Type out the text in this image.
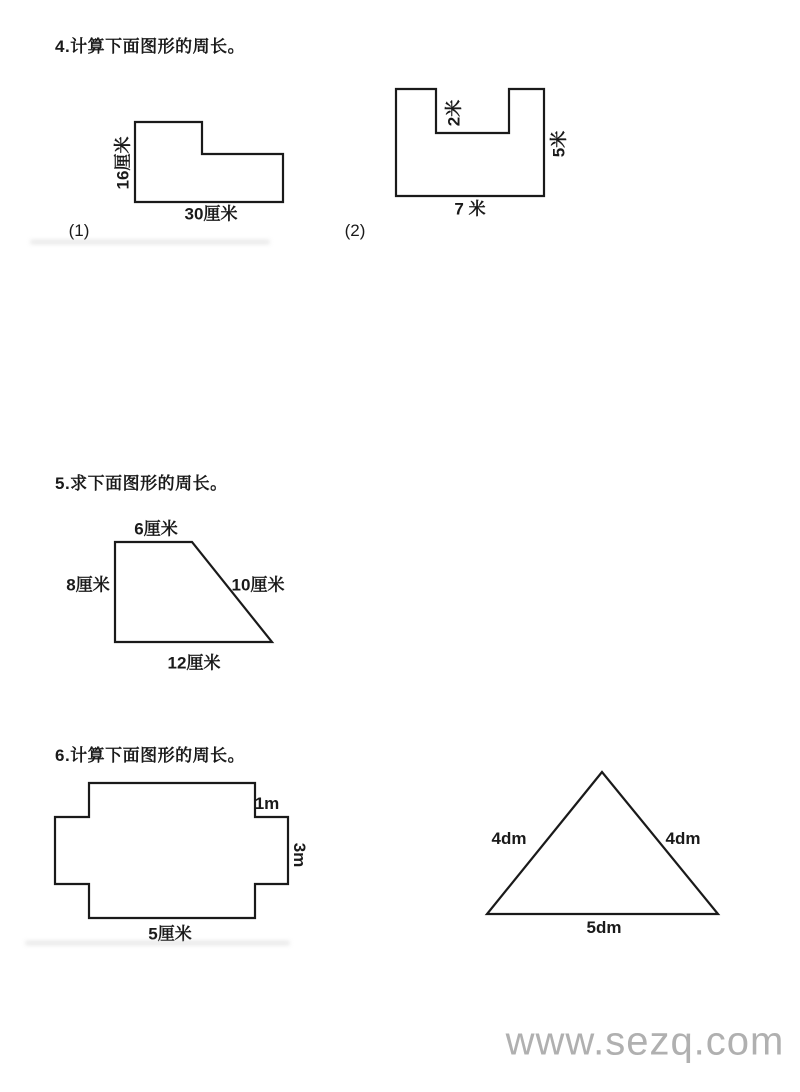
4.计算下面图形的周长。
16厘米
30厘米
(1)
2米
5米
7 米
(2)
5.求下面图形的周长。
6厘米
8厘米	10厘米
12厘米
6.计算下面图形的周长。
1m
3m
5厘米
4dm	4dm
5dm
www.sezq.com
